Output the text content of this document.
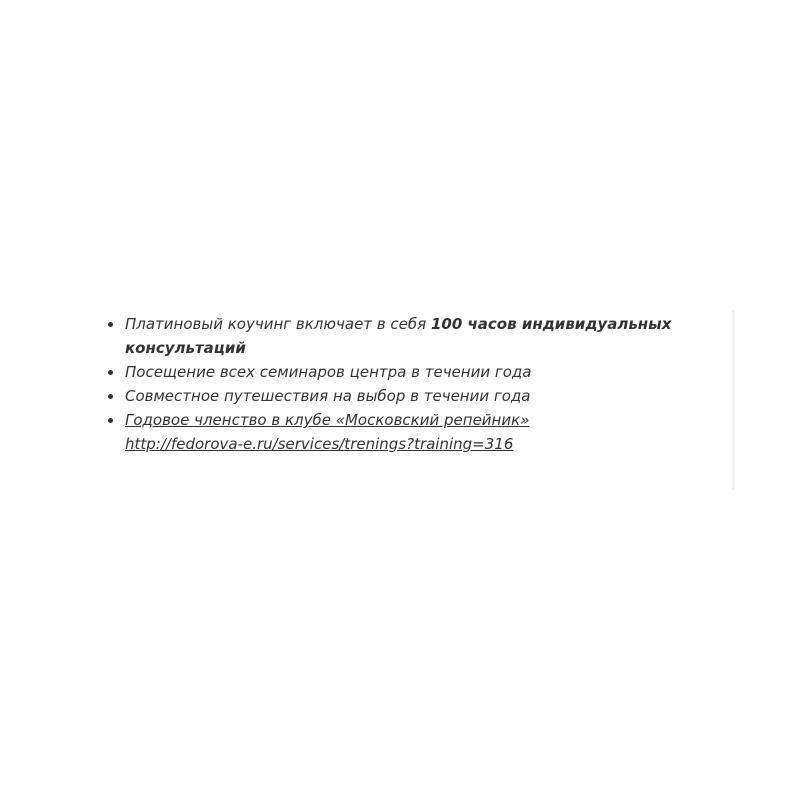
Платиновый коучинг включает в себя 100 часов индивидуальных консультаций
Посещение всех семинаров центра в течении года
Совместное путешествия на выбор в течении года
Годовое членство в клубе «Московский репейник»
http://fedorova-e.ru/services/trenings?training=316
